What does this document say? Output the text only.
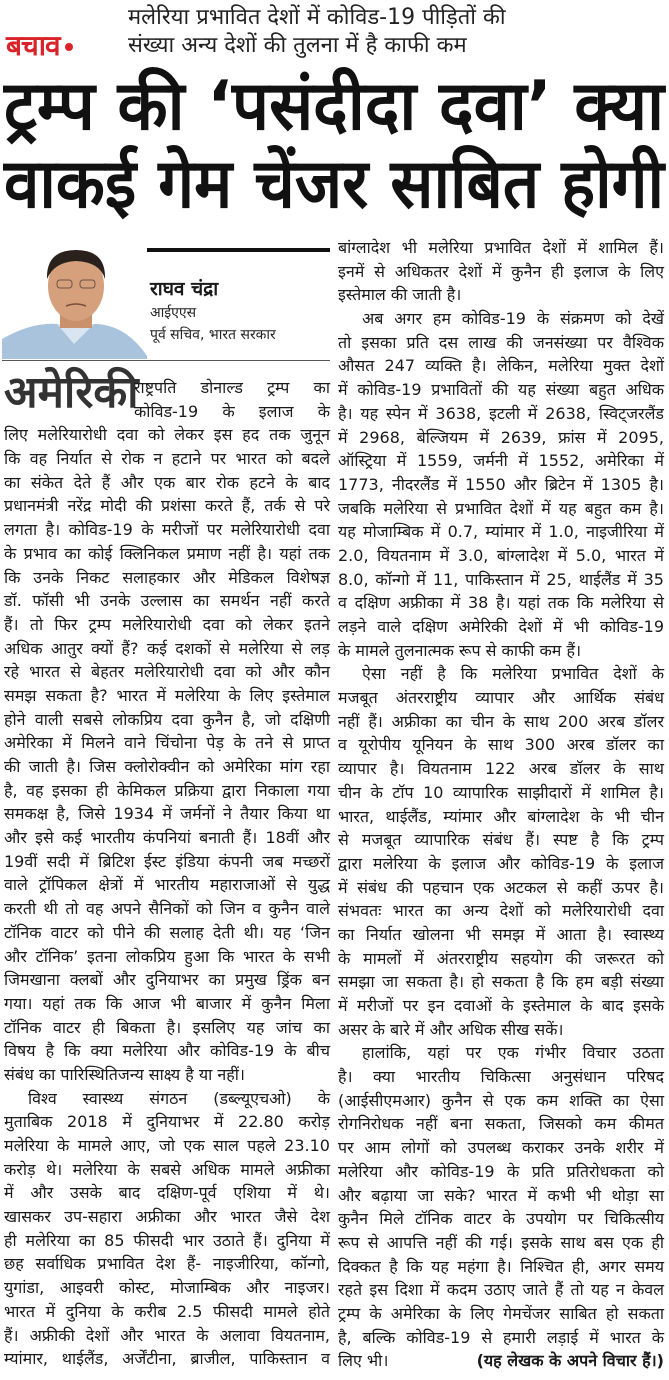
बचाव
मलेरिया प्रभावित देशों में कोविड-19 पीड़ितों की
संख्या अन्य देशों की तुलना में है काफी कम
ट्रम्प की ‘पसंदीदा दवा’ क्या
वाकई गेम चेंजर साबित होगी
राघव चंद्रा
आईएएस
पूर्व सचिव, भारत सरकार
अमेरिकी
राष्ट्रपति डोनाल्ड ट्रम्प का
कोविड-19 के इलाज के
लिए मलेरियारोधी दवा को लेकर इस हद तक जुनून
कि वह निर्यात से रोक न हटाने पर भारत को बदले
का संकेत देते हैं और एक बार रोक हटने के बाद
प्रधानमंत्री नरेंद्र मोदी की प्रशंसा करते हैं, तर्क से परे
लगता है। कोविड-19 के मरीजों पर मलेरियारोधी दवा
के प्रभाव का कोई क्लिनिकल प्रमाण नहीं है। यहां तक
कि उनके निकट सलाहकार और मेडिकल विशेषज्ञ
डॉ. फॉसी भी उनके उल्लास का समर्थन नहीं करते
हैं। तो फिर ट्रम्प मलेरियारोधी दवा को लेकर इतने
अधिक आतुर क्यों हैं? कई दशकों से मलेरिया से लड़
रहे भारत से बेहतर मलेरियारोधी दवा को और कौन
समझ सकता है? भारत में मलेरिया के लिए इस्तेमाल
होने वाली सबसे लोकप्रिय दवा कुनैन है, जो दक्षिणी
अमेरिका में मिलने वाने चिंचोना पेड़ के तने से प्राप्त
की जाती है। जिस क्लोरोक्वीन को अमेरिका मांग रहा
है, वह इसका ही केमिकल प्रक्रिया द्वारा निकाला गया
समकक्ष है, जिसे 1934 में जर्मनों ने तैयार किया था
और इसे कई भारतीय कंपनियां बनाती हैं। 18वीं और
19वीं सदी में ब्रिटिश ईस्ट इंडिया कंपनी जब मच्छरों
वाले ट्रॉपिकल क्षेत्रों में भारतीय महाराजाओं से युद्ध
करती थी तो वह अपने सैनिकों को जिन व कुनैन वाले
टॉनिक वाटर को पीने की सलाह देती थी। यह ‘जिन
और टॉनिक’ इतना लोकप्रिय हुआ कि भारत के सभी
जिमखाना क्लबों और दुनियाभर का प्रमुख ड्रिंक बन
गया। यहां तक कि आज भी बाजार में कुनैन मिला
टॉनिक वाटर ही बिकता है। इसलिए यह जांच का
विषय है कि क्या मलेरिया और कोविड-19 के बीच
संबंध का पारिस्थितिजन्य साक्ष्य है या नहीं।
विश्व स्वास्थ्य संगठन (डब्ल्यूएचओ) के
मुताबिक 2018 में दुनियाभर में 22.80 करोड़
मलेरिया के मामले आए, जो एक साल पहले 23.10
करोड़ थे। मलेरिया के सबसे अधिक मामले अफ्रीका
में और उसके बाद दक्षिण-पूर्व एशिया में थे।
खासकर उप-सहारा अफ्रीका और भारत जैसे देश
ही मलेरिया का 85 फीसदी भार उठाते हैं। दुनिया में
छह सर्वाधिक प्रभावित देश हैं- नाइजीरिया, कॉन्गो,
युगांडा, आइवरी कोस्ट, मोजाम्बिक और नाइजर।
भारत में दुनिया के करीब 2.5 फीसदी मामले होते
हैं। अफ्रीकी देशों और भारत के अलावा वियतनाम,
म्यांमार, थाईलैंड, अर्जेंटीना, ब्राजील, पाकिस्तान व
बांग्लादेश भी मलेरिया प्रभावित देशों में शामिल हैं।
इनमें से अधिकतर देशों में कुनैन ही इलाज के लिए
इस्तेमाल की जाती है।
अब अगर हम कोविड-19 के संक्रमण को देखें
तो इसका प्रति दस लाख की जनसंख्या पर वैश्विक
औसत 247 व्यक्ति है। लेकिन, मलेरिया मुक्त देशों
में कोविड-19 प्रभावितों की यह संख्या बहुत अधिक
है। यह स्पेन में 3638, इटली में 2638, स्विट्जरलैंड
में 2968, बेल्जियम में 2639, फ्रांस में 2095,
ऑस्ट्रिया में 1559, जर्मनी में 1552, अमेरिका में
1773, नीदरलैंड में 1550 और ब्रिटेन में 1305 है।
जबकि मलेरिया से प्रभावित देशों में यह बहुत कम है।
यह मोजाम्बिक में 0.7, म्यांमार में 1.0, नाइजीरिया में
2.0, वियतनाम में 3.0, बांग्लादेश में 5.0, भारत में
8.0, कॉन्गो में 11, पाकिस्तान में 25, थाईलैंड में 35
व दक्षिण अफ्रीका में 38 है। यहां तक कि मलेरिया से
लड़ने वाले दक्षिण अमेरिकी देशों में भी कोविड-19
के मामले तुलनात्मक रूप से काफी कम हैं।
ऐसा नहीं है कि मलेरिया प्रभावित देशों के
मजबूत अंतरराष्ट्रीय व्यापार और आर्थिक संबंध
नहीं हैं। अफ्रीका का चीन के साथ 200 अरब डॉलर
व यूरोपीय यूनियन के साथ 300 अरब डॉलर का
व्यापार है। वियतनाम 122 अरब डॉलर के साथ
चीन के टॉप 10 व्यापारिक साझीदारों में शामिल है।
भारत, थाईलैंड, म्यांमार और बांग्लादेश के भी चीन
से मजबूत व्यापारिक संबंध हैं। स्पष्ट है कि ट्रम्प
द्वारा मलेरिया के इलाज और कोविड-19 के इलाज
में संबंध की पहचान एक अटकल से कहीं ऊपर है।
संभवतः भारत का अन्य देशों को मलेरियारोधी दवा
का निर्यात खोलना भी समझ में आता है। स्वास्थ्य
के मामलों में अंतरराष्ट्रीय सहयोग की जरूरत को
समझा जा सकता है। हो सकता है कि हम बड़ी संख्या
में मरीजों पर इन दवाओं के इस्तेमाल के बाद इसके
असर के बारे में और अधिक सीख सकें।
हालांकि, यहां पर एक गंभीर विचार उठता
है। क्या भारतीय चिकित्सा अनुसंधान परिषद
(आईसीएमआर) कुनैन से एक कम शक्ति का ऐसा
रोगनिरोधक नहीं बना सकता, जिसको कम कीमत
पर आम लोगों को उपलब्ध कराकर उनके शरीर में
मलेरिया और कोविड-19 के प्रति प्रतिरोधकता को
और बढ़ाया जा सके? भारत में कभी भी थोड़ा सा
कुनैन मिले टॉनिक वाटर के उपयोग पर चिकित्सीय
रूप से आपत्ति नहीं की गई। इसके साथ बस एक ही
दिक्कत है कि यह महंगा है। निश्चित ही, अगर समय
रहते इस दिशा में कदम उठाए जाते हैं तो यह न केवल
ट्रम्प के अमेरिका के लिए गेमचेंजर साबित हो सकता
है, बल्कि कोविड-19 से हमारी लड़ाई में भारत के
लिए भी।	(यह लेखक के अपने विचार हैं।)
